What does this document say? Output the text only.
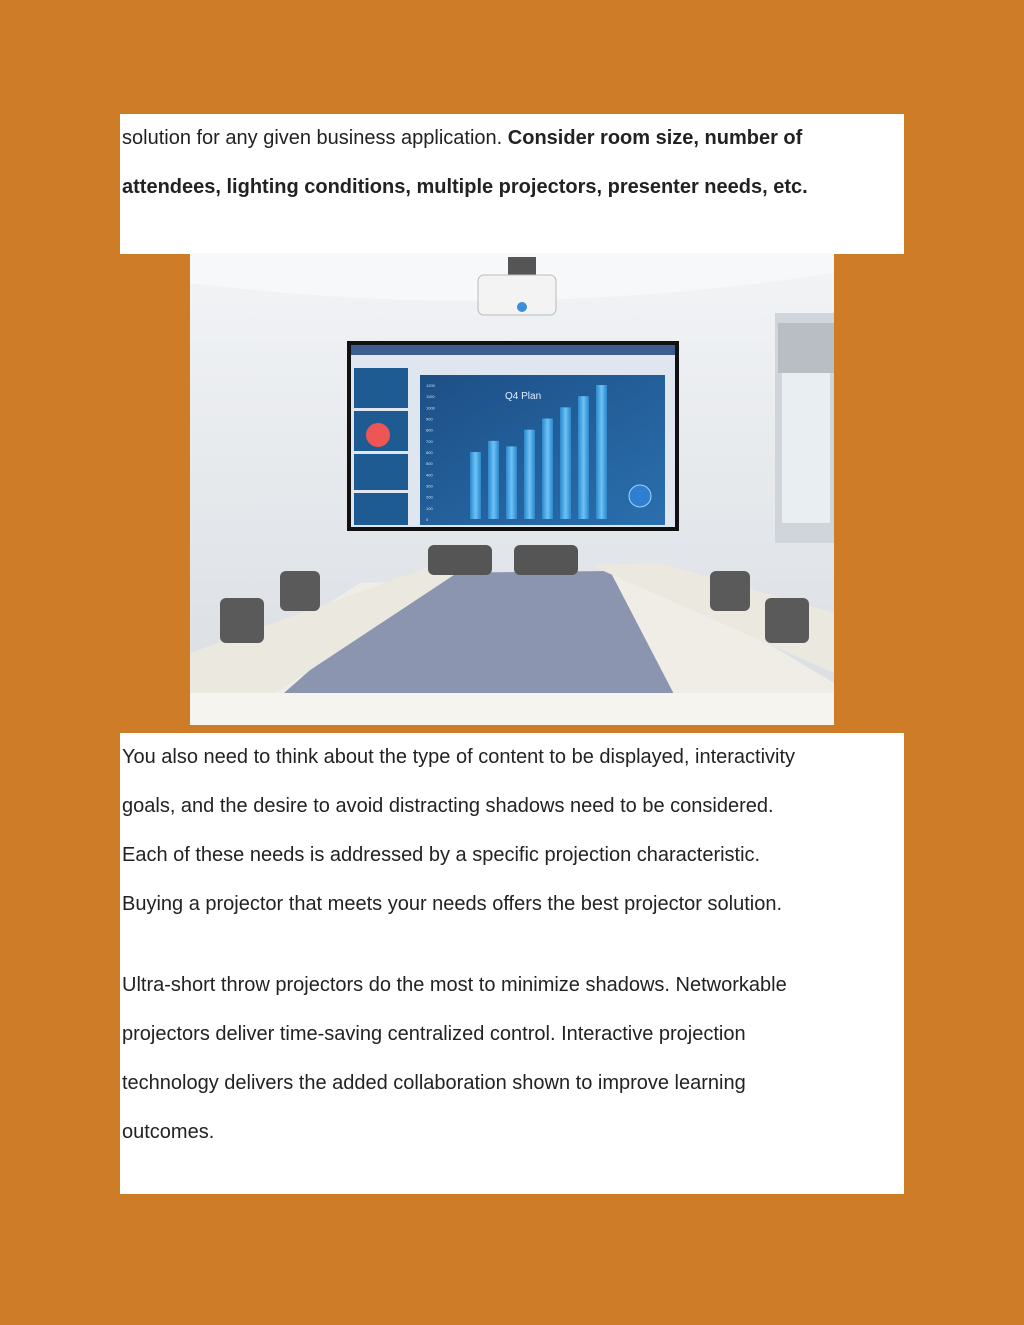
solution for any given business application. Consider room size, number of

attendees, lighting conditions, multiple projectors, presenter needs, etc.

Q4 Plan
0
100
200
300
400
500
600
700
800
900
1000
1100
1200

You also need to think about the type of content to be displayed, interactivity

goals, and the desire to avoid distracting shadows need to be considered.

Each of these needs is addressed by a specific projection characteristic.

Buying a projector that meets your needs offers the best projector solution.

Ultra-short throw projectors do the most to minimize shadows. Networkable

projectors deliver time-saving centralized control. Interactive projection

technology delivers the added collaboration shown to improve learning

outcomes.
